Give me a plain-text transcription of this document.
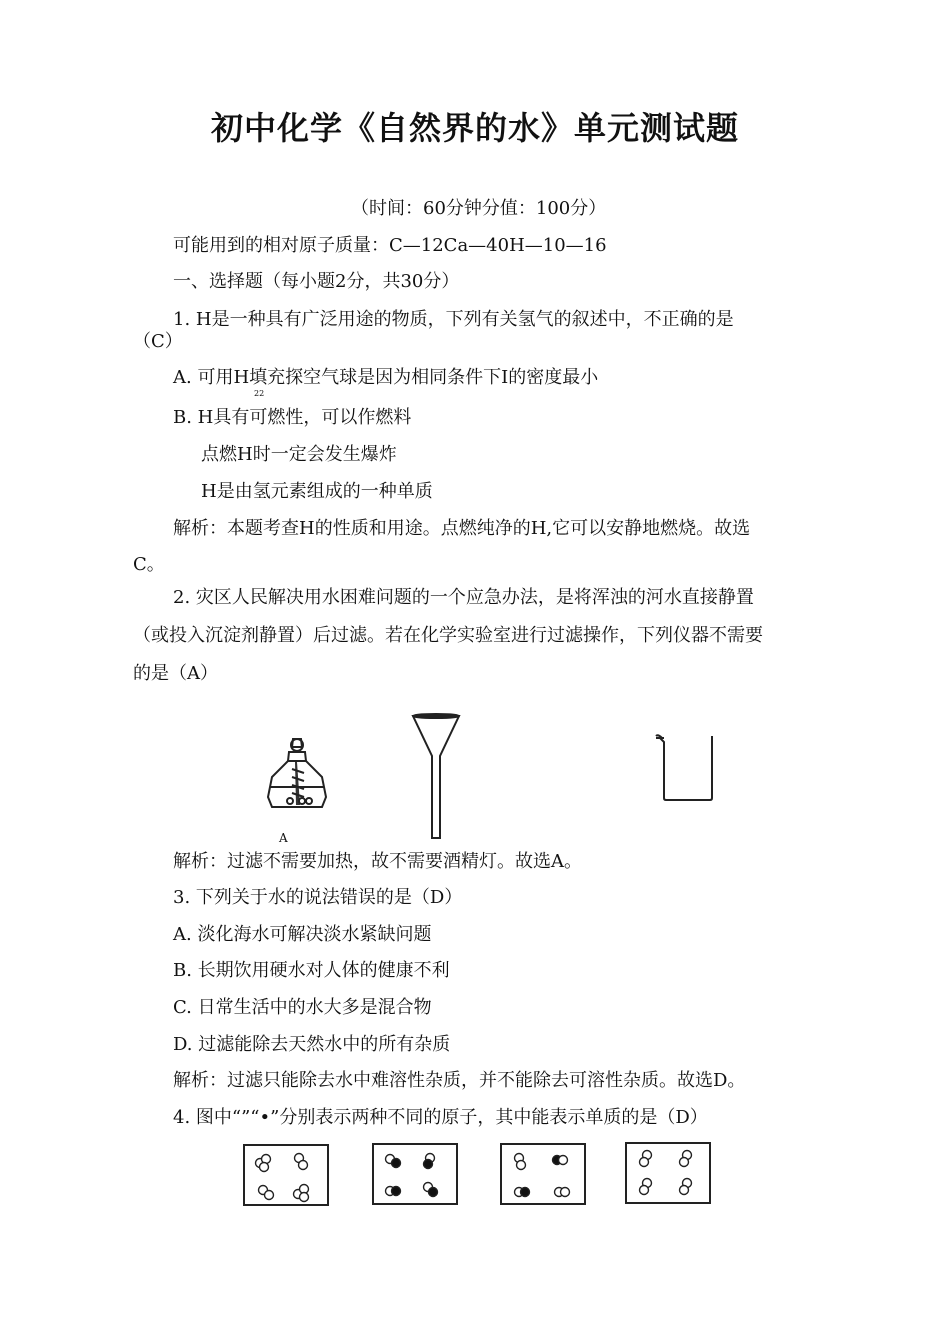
初中化学《自然界的水》单元测试题
（时间：60分钟分值：100分）
可能用到的相对原子质量：C—12Ca—40H—10—16
一、选择题（每小题2分，共30分）
1. H是一种具有广泛用途的物质，下列有关氢气的叙述中，不正确的是
（C）
A. 可用H填充探空气球是因为相同条件下I的密度最小
22
B. H具有可燃性，可以作燃料
点燃H时一定会发生爆炸
H是由氢元素组成的一种单质
解析：本题考查H的性质和用途。点燃纯净的H,它可以安静地燃烧。故选
C。
2. 灾区人民解决用水困难问题的一个应急办法，是将浑浊的河水直接静置
（或投入沉淀剂静置）后过滤。若在化学实验室进行过滤操作，下列仪器不需要
的是（A）
A
解析：过滤不需要加热，故不需要酒精灯。故选A。
3. 下列关于水的说法错误的是（D）
A. 淡化海水可解决淡水紧缺问题
B. 长期饮用硬水对人体的健康不利
C. 日常生活中的水大多是混合物
D. 过滤能除去天然水中的所有杂质
解析：过滤只能除去水中难溶性杂质，并不能除去可溶性杂质。故选D。
4. 图中“”“•”分别表示两种不同的原子，其中能表示单质的是（D）
